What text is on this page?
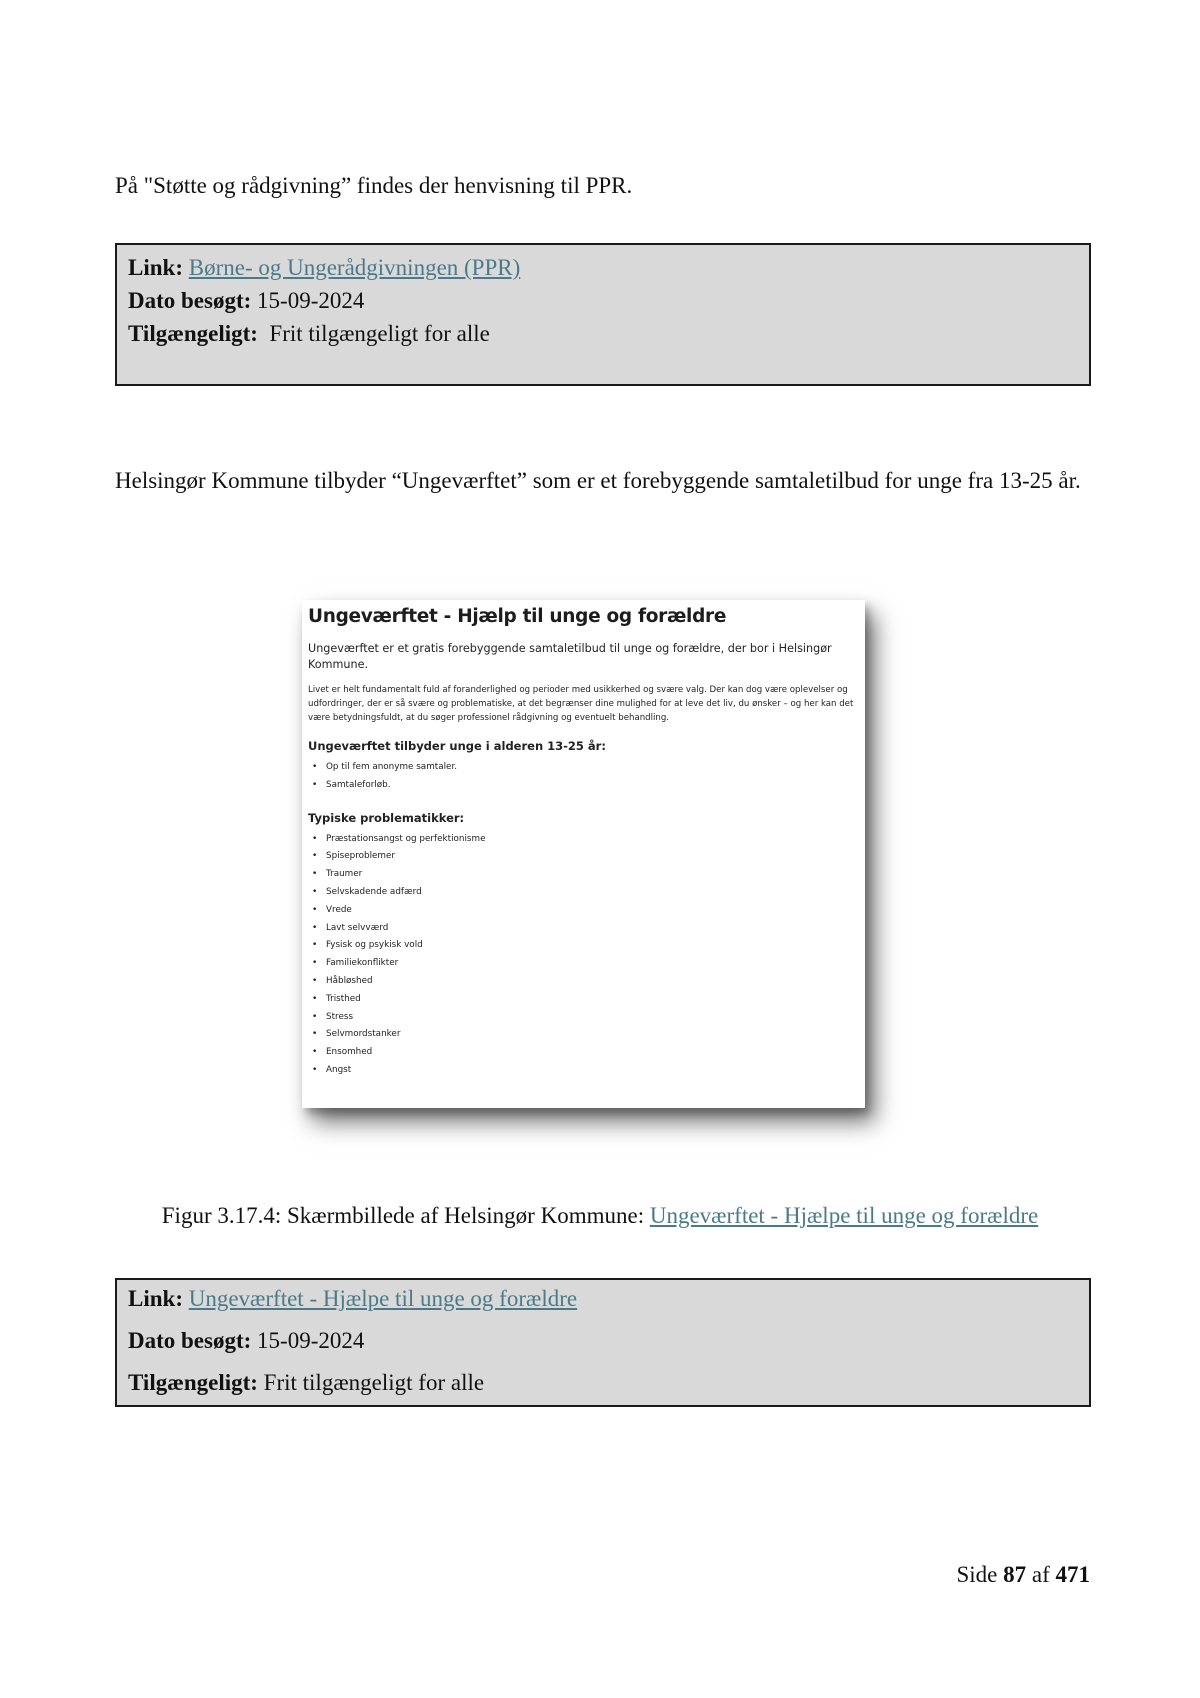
På "Støtte og rådgivning” findes der henvisning til PPR.

Link: Børne- og Ungerådgivningen (PPR)

Dato besøgt: 15-09-2024

Tilgængeligt: Frit tilgængeligt for alle

Helsingør Kommune tilbyder “Ungeværftet” som er et forebyggende samtaletilbud for unge fra 13-25 år.

Ungeværftet - Hjælp til unge og forældre

Ungeværftet er et gratis forebyggende samtaletilbud til unge og forældre, der bor i Helsingør Kommune.

Livet er helt fundamentalt fuld af foranderlighed og perioder med usikkerhed og svære valg. Der kan dog være oplevelser og udfordringer, der er så svære og problematiske, at det begrænser dine mulighed for at leve det liv, du ønsker – og her kan det være betydningsfuldt, at du søger professionel rådgivning og eventuelt behandling.

Ungeværftet tilbyder unge i alderen 13-25 år:

• Op til fem anonyme samtaler.
• Samtaleforløb.

Typiske problematikker:

• Præstationsangst og perfektionisme
• Spiseproblemer
• Traumer
• Selvskadende adfærd
• Vrede
• Lavt selvværd
• Fysisk og psykisk vold
• Familiekonflikter
• Håbløshed
• Tristhed
• Stress
• Selvmordstanker
• Ensomhed
• Angst

Figur 3.17.4: Skærmbillede af Helsingør Kommune: Ungeværftet - Hjælpe til unge og forældre

Link: Ungeværftet - Hjælpe til unge og forældre

Dato besøgt: 15-09-2024

Tilgængeligt: Frit tilgængeligt for alle

Side 87 af 471
